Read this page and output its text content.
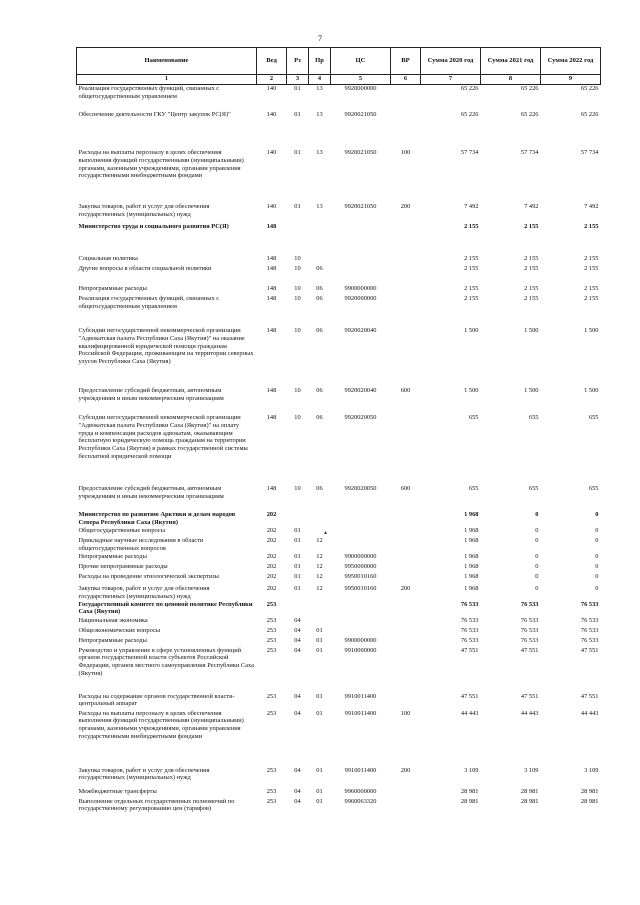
7
▴
Наименование	Вед	Рз	Пр	ЦС	ВР	Сумма 2020 год	Сумма 2021 год	Сумма 2022 год
1	2	3	4	5	6	7	8	9
Реализация государственных функций, связанных с общегосударственным управлением	140	01	13	9920000000		65 226	65 226	65 226
Обеспечение деятельности ГКУ "Центр закупок РС(Я)"	140	01	13	9920021050		65 226	65 226	65 226
Расходы на выплаты персоналу в целях обеспечения выполнения функций государственными (муниципальными) органами, казенными учреждениями, органами управления государственными внебюджетными фондами	140	01	13	9920021050	100	57 734	57 734	57 734
Закупка товаров, работ и услуг для обеспечения государственных (муниципальных) нужд	140	01	13	9920021050	200	7 492	7 492	7 492
Министерство труда и социального развития РС(Я)	148					2 155	2 155	2 155
Социальная политика	148	10				2 155	2 155	2 155
Другие вопросы в области социальной политики	148	10	06			2 155	2 155	2 155
Непрограммные расходы	148	10	06	9900000000		2 155	2 155	2 155
Реализация государственных функций, связанных с общегосударственным управлением	148	10	06	9920000000		2 155	2 155	2 155
Субсидии негосударственной некоммерческой организации "Адвокатская палата Республики Саха (Якутия)" на оказание квалифицированной юридической помощи гражданам Российской Федерации, проживающим на территории северных улусов Республики Саха (Якутия)	148	10	06	9920020040		1 500	1 500	1 500
Предоставление субсидий бюджетным, автономным учреждениям и иным некоммерческим организациям	148	10	06	9920020040	600	1 500	1 500	1 500
Субсидии негосударственной некоммерческой организации "Адвокатская палата Республики Саха (Якутия)" на оплату труда и компенсации расходов адвокатам, оказывающим бесплатную юридическую помощь гражданам на территории Республики Саха (Якутия) в рамках государственной системы бесплатной юридической помощи	148	10	06	9920020050		655	655	655
Предоставление субсидий бюджетным, автономным учреждениям и иным некоммерческим организациям	148	10	06	9920020050	600	655	655	655
Министерство по развитию Арктики и делам народов Севера Республики Саха (Якутия)	202					1 968	0	0
Общегосударственные вопросы	202	01				1 968	0	0
Прикладные научные исследования в области общегосударственных вопросов	202	01	12			1 968	0	0
Непрограммные расходы	202	01	12	9900000000		1 968	0	0
Прочие непрограммные расходы	202	01	12	9950000000		1 968	0	0
Расходы на проведение этнологической экспертизы	202	01	12	9950010160		1 968	0	0
Закупка товаров, работ и услуг для обеспечения государственных (муниципальных) нужд	202	01	12	9950010160	200	1 968	0	0
Государственный комитет по ценовой политике Республики Саха (Якутия)	253					76 533	76 533	76 533
Национальная экономика	253	04				76 533	76 533	76 533
Общеэкономические вопросы	253	04	01			76 533	76 533	76 533
Непрограммные расходы	253	04	01	9900000000		76 533	76 533	76 533
Руководство и управление в сфере установленных функций органов государственной власти субъектов Российской Федерации, органов местного самоуправления Республики Саха (Якутия)	253	04	01	9910000000		47 551	47 551	47 551
Расходы на содержание органов государственной власти- центральный аппарат	253	04	01	9910011400		47 551	47 551	47 551
Расходы на выплаты персоналу в целях обеспечения выполнения функций государственными (муниципальными) органами, казенными учреждениями, органами управления государственными внебюджетными фондами	253	04	01	9910011400	100	44 443	44 443	44 443
Закупка товаров, работ и услуг для обеспечения государственных (муниципальных) нужд	253	04	01	9910011400	200	3 109	3 109	3 109
Межбюджетные трансферты	253	04	01	9960000000		28 981	28 981	28 981
Выполнение отдельных государственных полномочий по государственному регулированию цен (тарифов)	253	04	01	9960063320		28 981	28 981	28 981
